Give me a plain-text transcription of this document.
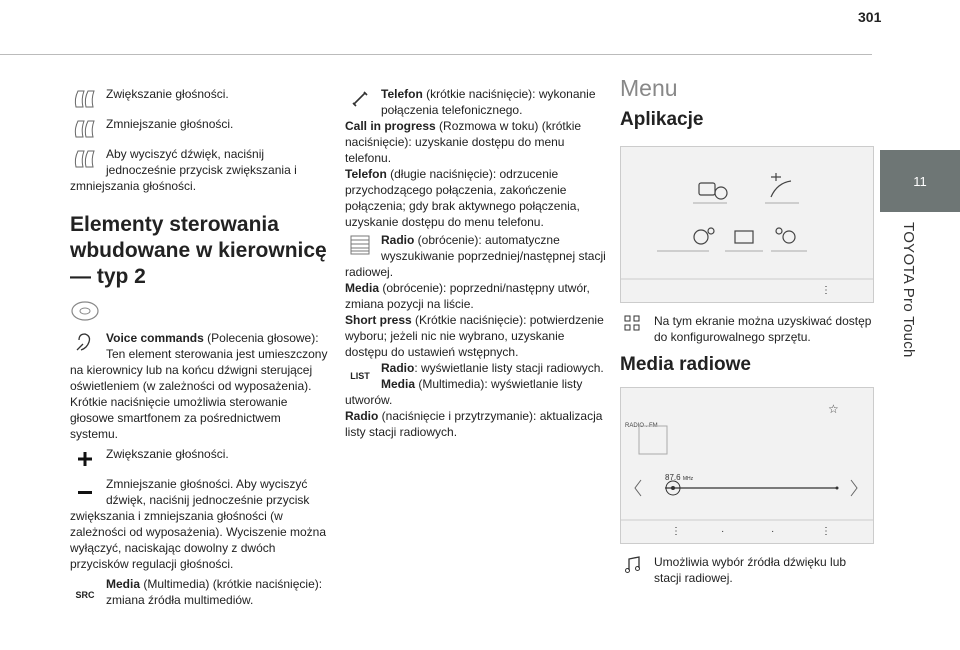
301
11
TOYOTA Pro Touch

Zwiększanie głośności.

Zmniejszanie głośności.

Aby wyciszyć dźwięk, naciśnij jednocześnie przycisk zwiększania i zmniejszania głośności.

Elementy sterowania wbudowane w kierownicę — typ 2

Voice commands (Polecenia głosowe): Ten element sterowania jest umieszczony na kierownicy lub na końcu dźwigni sterującej oświetleniem (w zależności od wyposażenia). Krótkie naciśnięcie umożliwia sterowanie głosowe smartfonem za pośrednictwem systemu.

Zwiększanie głośności.

Zmniejszanie głośności. Aby wyciszyć dźwięk, naciśnij jednocześnie przycisk zwiększania i zmniejszania głośności (w zależności od wyposażenia). Wyciszenie można wyłączyć, naciskając dowolny z dwóch przycisków regulacji głośności.

SRC

Media (Multimedia) (krótkie naciśnięcie): zmiana źródła multimediów.

Telefon (krótkie naciśnięcie): wykonanie połączenia telefonicznego.

Call in progress (Rozmowa w toku) (krótkie naciśnięcie): uzyskanie dostępu do menu telefonu.

Telefon (długie naciśnięcie): odrzucenie przychodzącego połączenia, zakończenie połączenia; gdy brak aktywnego połączenia, uzyskanie dostępu do menu telefonu.

Radio (obrócenie): automatyczne wyszukiwanie poprzedniej/następnej stacji radiowej.

Media (obrócenie): poprzedni/następny utwór, zmiana pozycji na liście.

Short press (Krótkie naciśnięcie): potwierdzenie wyboru; jeżeli nic nie wybrano, uzyskanie dostępu do ustawień wstępnych.

LIST

Radio: wyświetlanie listy stacji radiowych.

Media (Multimedia): wyświetlanie listy utworów.

Radio (naciśnięcie i przytrzymanie): aktualizacja listy stacji radiowych.

Menu
Aplikacje
⋮

Na tym ekranie można uzyskiwać dostęp do konfigurowalnego sprzętu.

Media radiowe
RADIO . FM
87.6 MHz
☆
⋮	·	·	⋮

Umożliwia wybór źródła dźwięku lub stacji radiowej.
